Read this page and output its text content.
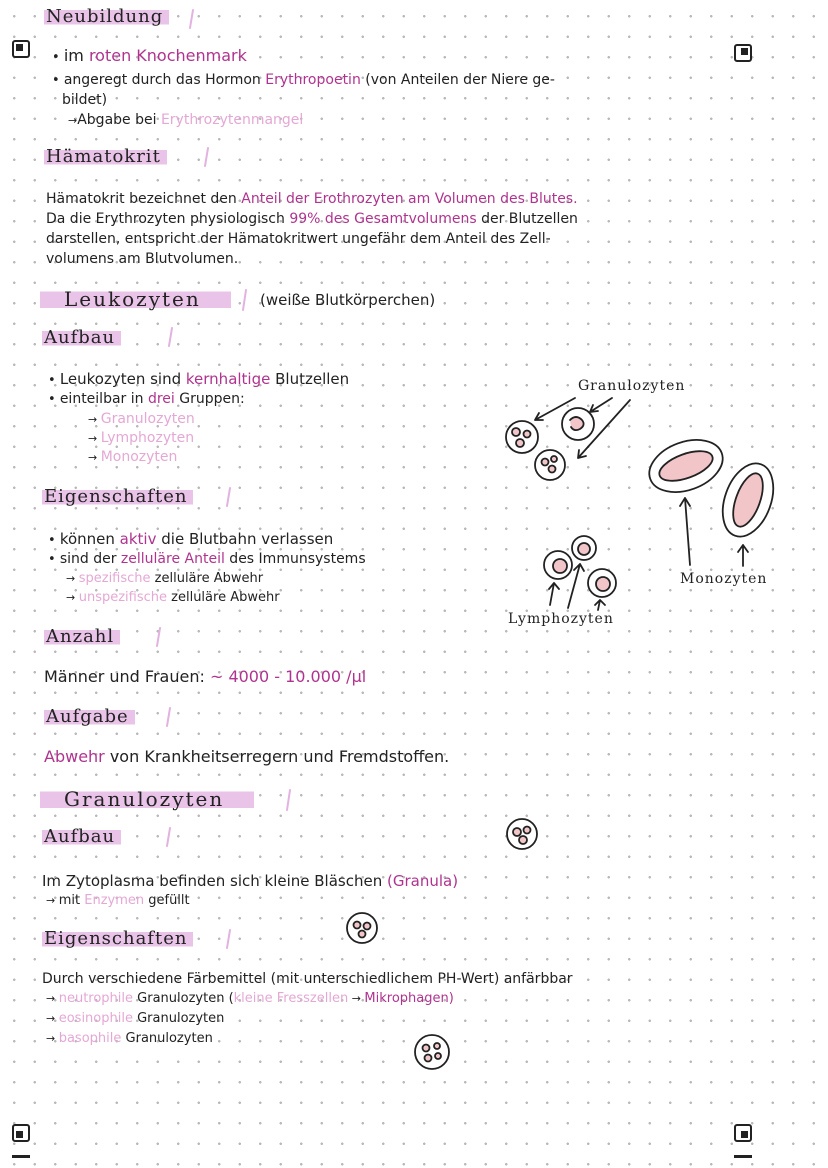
Neubildung
• im roten Knochenmark
• angeregt durch das Hormon Erythropoetin (von Anteilen der Niere ge-
bildet)
→Abgabe bei Erythrozytenmangel
Hämatokrit
Hämatokrit bezeichnet den Anteil der Erothrozyten am Volumen des Blutes.
Da die Erythrozyten physiologisch 99% des Gesamtvolumens der Blutzellen
darstellen, entspricht der Hämatokritwert ungefähr dem Anteil des Zell-
volumens am Blutvolumen.
Leukozyten	(weiße Blutkörperchen)
Aufbau
• Leukozyten sind kernhaltige Blutzellen
• einteilbar in drei Gruppen:
→ Granulozyten
→ Lymphozyten
→ Monozyten
Eigenschaften
• können aktiv die Blutbahn verlassen
• sind der zelluläre Anteil des Immunsystems
→ spezifische zelluläre Abwehr
→ unspezifische zelluläre Abwehr
Anzahl
Männer und Frauen: ~ 4000 - 10.000 /µl
Aufgabe
Abwehr von Krankheitserregern und Fremdstoffen.
Granulozyten
Aufbau
Im Zytoplasma befinden sich kleine Bläschen (Granula)
→ mit Enzymen gefüllt
Eigenschaften
Durch verschiedene Färbemittel (mit unterschiedlichem PH-Wert) anfärbbar
→ neutrophile Granulozyten (kleine Fresszellen → Mikrophagen)
→ eosinophile Granulozyten
→ basophile Granulozyten
Granulozyten
Monozyten
Lymphozyten
